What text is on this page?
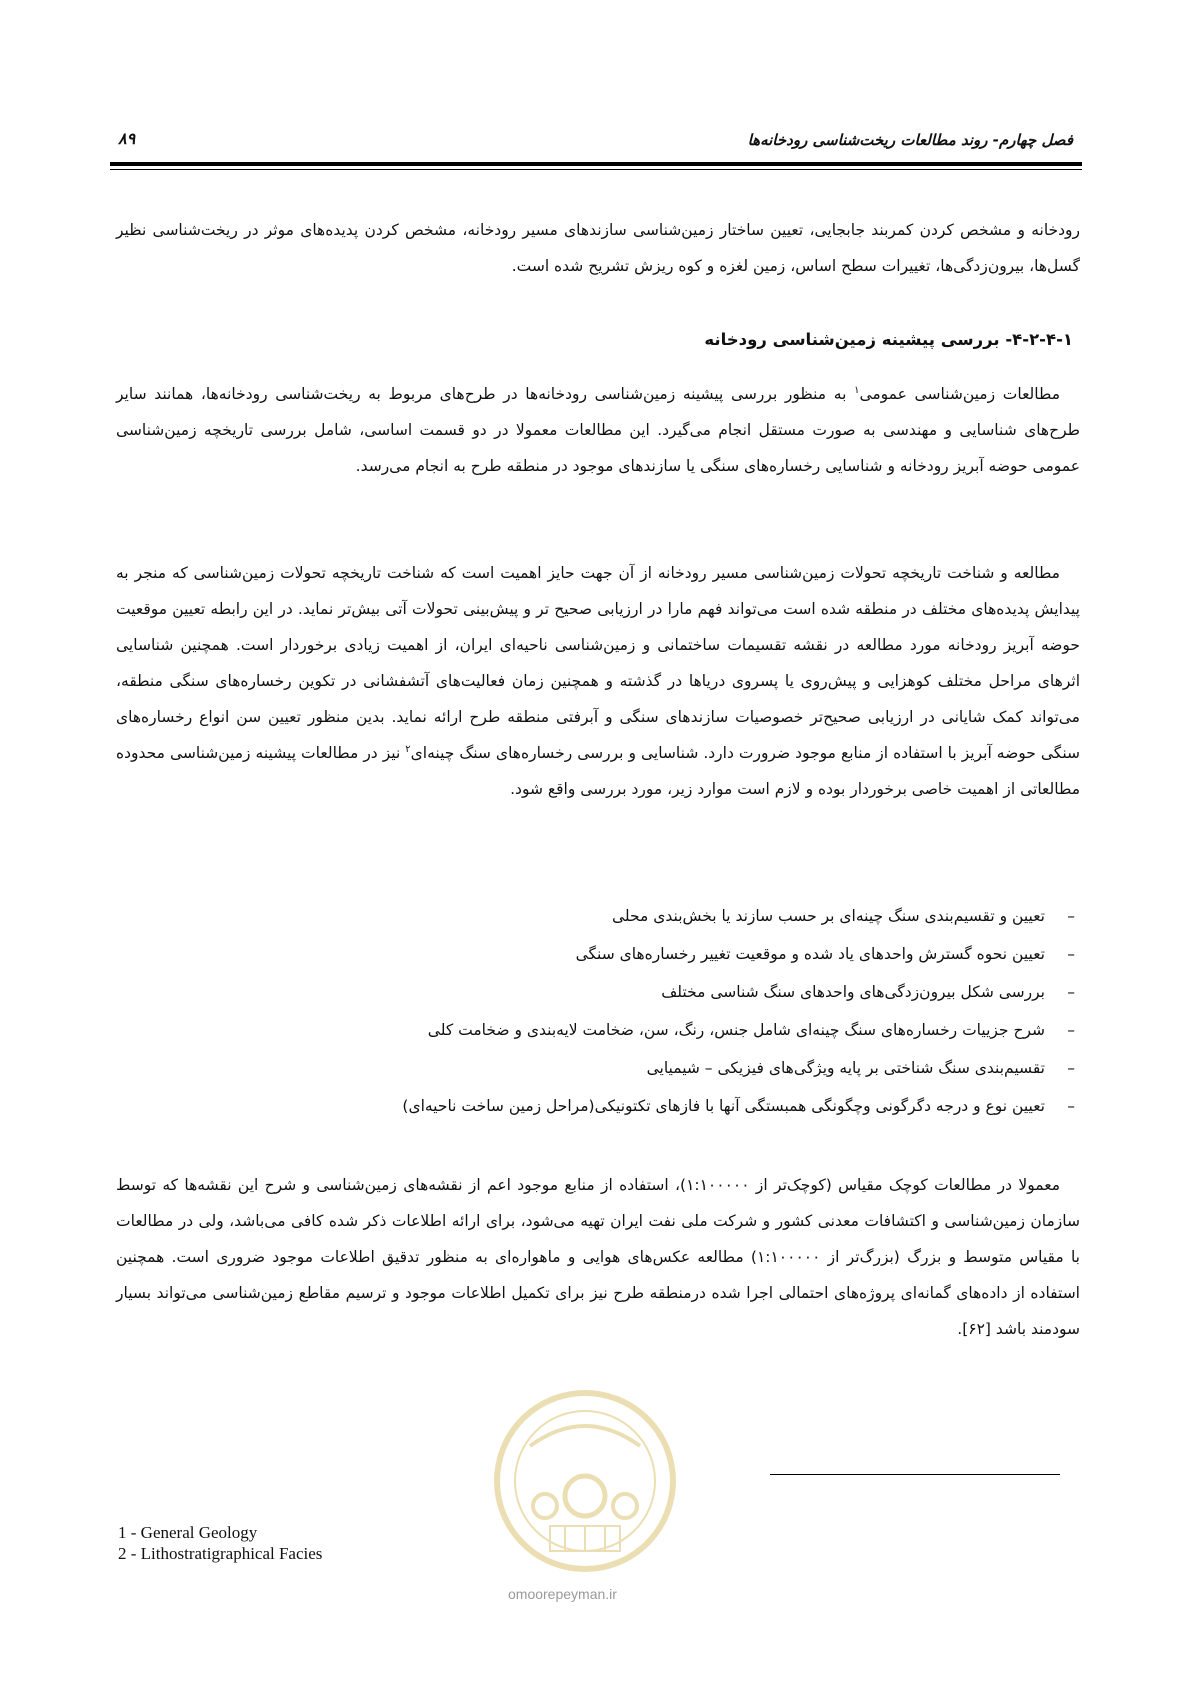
فصل چهارم- روند مطالعات ریخت‌شناسی رودخانه‌ها
۸۹

رودخانه و مشخص کردن کمربند جابجایی، تعیین ساختار زمین‌شناسی سازندهای مسیر رودخانه، مشخص کردن پدیده‌های موثر در ریخت‌شناسی نظیر گسل‌ها، بیرون‌زدگی‌ها، تغییرات سطح اساس، زمین لغزه و کوه ریزش تشریح شده است.

۴-۲-۴-۱- بررسی پیشینه زمین‌شناسی رودخانه

مطالعات زمین‌شناسی عمومی$^۱$ به منظور بررسی پیشینه زمین‌شناسی رودخانه‌ها در طرح‌های مربوط به ریخت‌شناسی رودخانه‌ها، همانند سایر طرح‌های شناسایی و مهندسی به صورت مستقل انجام می‌گیرد. این مطالعات معمولا در دو قسمت اساسی، شامل بررسی تاریخچه زمین‌شناسی عمومی حوضه آبریز رودخانه و شناسایی رخساره‌های سنگی یا سازندهای موجود در منطقه طرح به انجام می‌رسد.

مطالعه و شناخت تاریخچه تحولات زمین‌شناسی مسیر رودخانه از آن جهت حایز اهمیت است که شناخت تاریخچه تحولات زمین‌شناسی که منجر به پیدایش پدیده‌های مختلف در منطقه شده است می‌تواند فهم مارا در ارزیابی صحیح تر و پیش‌بینی تحولات آتی بیش‌تر نماید. در این رابطه تعیین موقعیت حوضه آبریز رودخانه مورد مطالعه در نقشه تقسیمات ساختمانی و زمین‌شناسی ناحیه‌ای ایران، از اهمیت زیادی برخوردار است. همچنین شناسایی اثرهای مراحل مختلف کوهزایی و پیش‌روی یا پسروی دریاها در گذشته و همچنین زمان فعالیت‌های آتشفشانی در تکوین رخساره‌های سنگی منطقه، می‌تواند کمک شایانی در ارزیابی صحیح‌تر خصوصیات سازندهای سنگی و آبرفتی منطقه طرح ارائه نماید. بدین منظور تعیین سن انواع رخساره‌های سنگی حوضه آبریز با استفاده از منابع موجود ضرورت دارد. شناسایی و بررسی رخساره‌های سنگ چینه‌ای$^۲$ نیز در مطالعات پیشینه زمین‌شناسی محدوده مطالعاتی از اهمیت خاصی برخوردار بوده و لازم است موارد زیر، مورد بررسی واقع شود.

–
تعیین و تقسیم‌بندی سنگ چینه‌ای بر حسب سازند یا بخش‌بندی محلی
–
تعیین نحوه گسترش واحدهای یاد شده و موقعیت تغییر رخساره‌های سنگی
–
بررسی شکل بیرون‌زدگی‌های واحدهای سنگ شناسی مختلف
–
شرح جزییات رخساره‌های سنگ چینه‌ای شامل جنس، رنگ، سن، ضخامت لایه‌بندی و ضخامت کلی
–
تقسیم‌بندی سنگ شناختی بر پایه ویژگی‌های فیزیکی – شیمیایی
–
تعیین نوع و درجه دگرگونی وچگونگی همبستگی آنها با فازهای تکتونیکی(مراحل زمین ساخت ناحیه‌ای)

معمولا در مطالعات کوچک مقیاس (کوچک‌تر از ۱:۱۰۰۰۰۰)، استفاده از منابع موجود اعم از نقشه‌های زمین‌شناسی و شرح این نقشه‌ها که توسط سازمان زمین‌شناسی و اکتشافات معدنی کشور و شرکت ملی نفت ایران تهیه می‌شود، برای ارائه اطلاعات ذکر شده کافی می‌باشد، ولی در مطالعات با مقیاس متوسط و بزرگ (بزرگ‌تر از ۱:۱۰۰۰۰۰) مطالعه عکس‌های هوایی و ماهواره‌ای به منظور تدقیق اطلاعات موجود ضروری است. همچنین استفاده از داده‌های گمانه‌ای پروژه‌های احتمالی اجرا شده درمنطقه طرح نیز برای تکمیل اطلاعات موجود و ترسیم مقاطع زمین‌شناسی می‌تواند بسیار سودمند باشد [۶۲].

omoorepeyman.ir
1 - General Geology
2 - Lithostratigraphical Facies
